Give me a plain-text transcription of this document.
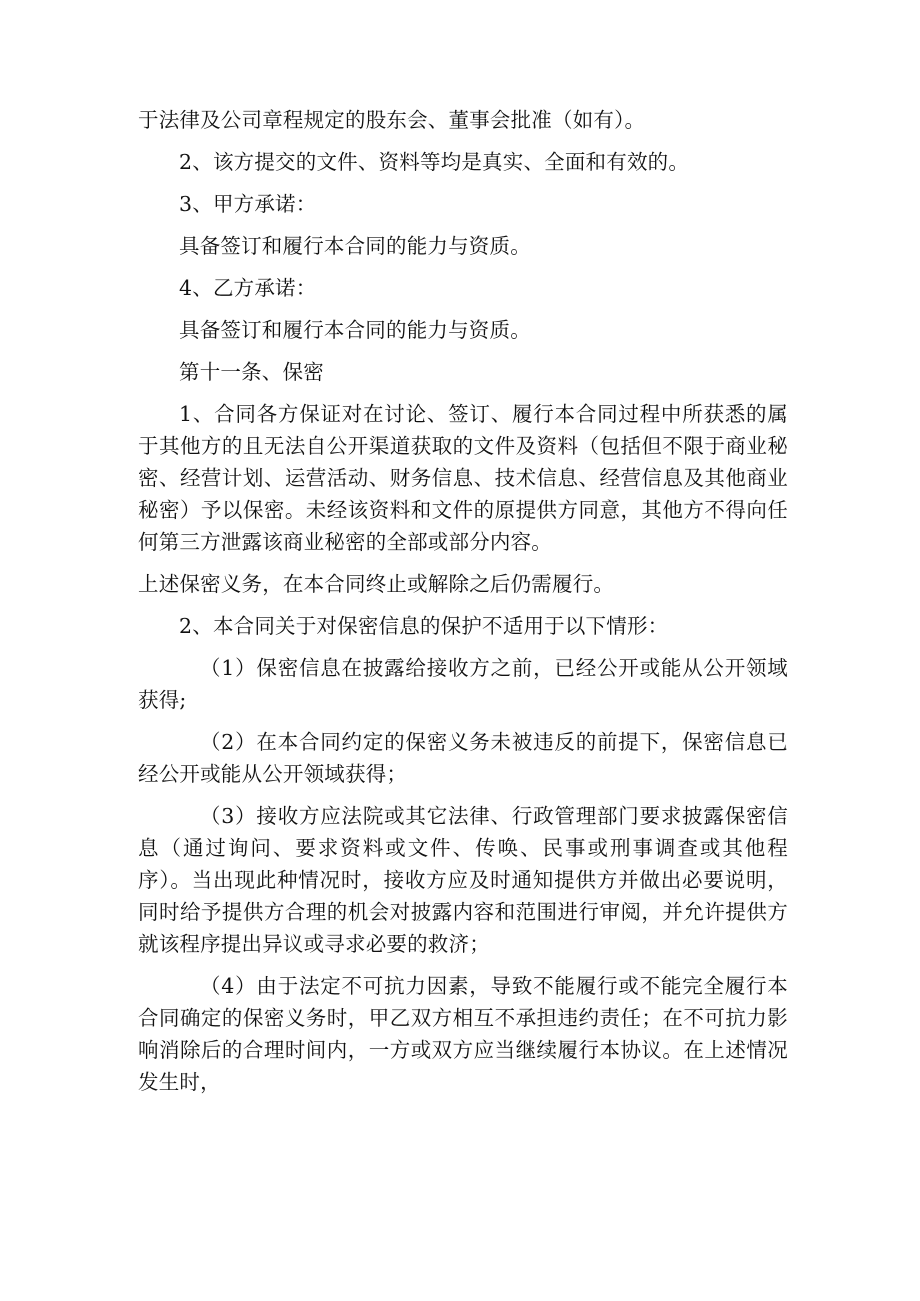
于法律及公司章程规定的股东会、董事会批准（如有）。

2、该方提交的文件、资料等均是真实、全面和有效的。

3、甲方承诺：

具备签订和履行本合同的能力与资质。

4、乙方承诺：

具备签订和履行本合同的能力与资质。

第十一条、保密

1、合同各方保证对在讨论、签订、履行本合同过程中所获悉的属于其他方的且无法自公开渠道获取的文件及资料（包括但不限于商业秘密、经营计划、运营活动、财务信息、技术信息、经营信息及其他商业秘密）予以保密。未经该资料和文件的原提供方同意，其他方不得向任何第三方泄露该商业秘密的全部或部分内容。

上述保密义务，在本合同终止或解除之后仍需履行。

2、本合同关于对保密信息的保护不适用于以下情形：

（1）保密信息在披露给接收方之前，已经公开或能从公开领域获得;

（2）在本合同约定的保密义务未被违反的前提下，保密信息已经公开或能从公开领域获得；

（3）接收方应法院或其它法律、行政管理部门要求披露保密信息（通过询问、要求资料或文件、传唤、民事或刑事调查或其他程序）。当出现此种情况时，接收方应及时通知提供方并做出必要说明，同时给予提供方合理的机会对披露内容和范围进行审阅，并允许提供方就该程序提出异议或寻求必要的救济；

（4）由于法定不可抗力因素，导致不能履行或不能完全履行本合同确定的保密义务时，甲乙双方相互不承担违约责任；在不可抗力影响消除后的合理时间内，一方或双方应当继续履行本协议。在上述情况发生时，
